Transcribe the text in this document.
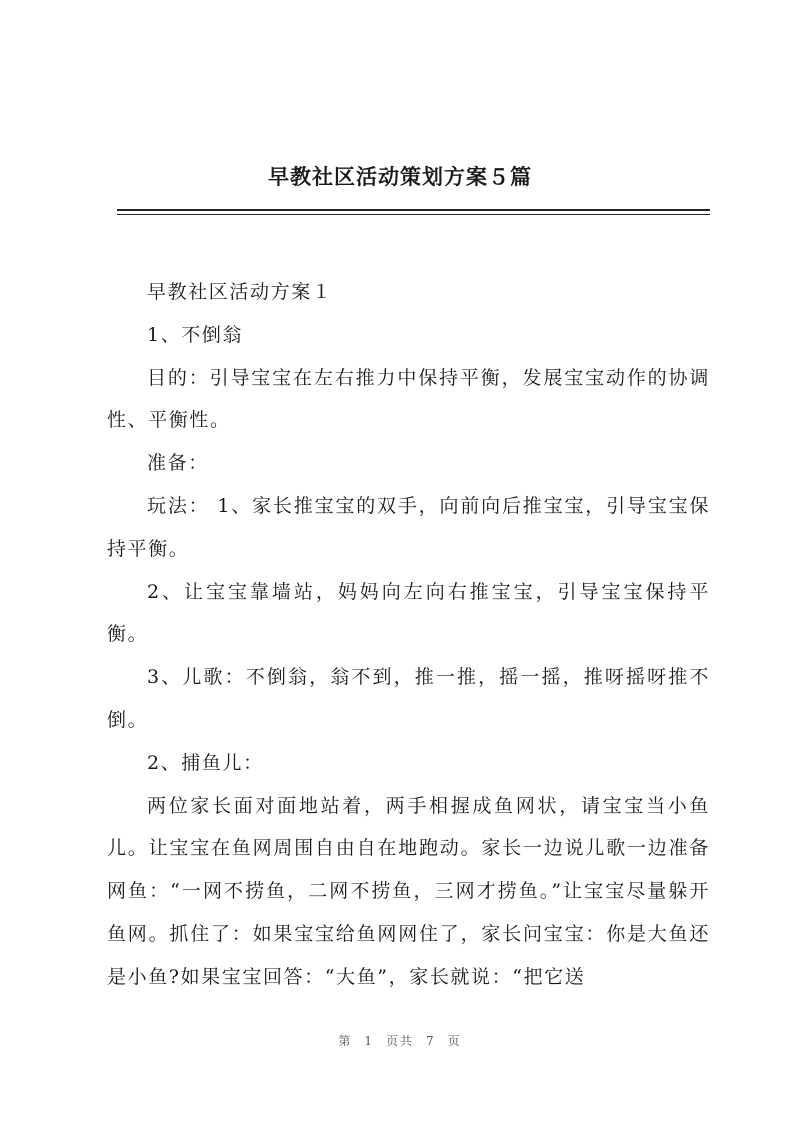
早教社区活动策划方案５篇

早教社区活动方案１

1、不倒翁

目的：引导宝宝在左右推力中保持平衡，发展宝宝动作的协调性、平衡性。

准备：

玩法： 1、家长推宝宝的双手，向前向后推宝宝，引导宝宝保持平衡。

2、让宝宝靠墙站，妈妈向左向右推宝宝，引导宝宝保持平衡。

3、儿歌：不倒翁，翁不到，推一推，摇一摇，推呀摇呀推不倒。

2、捕鱼儿：

两位家长面对面地站着，两手相握成鱼网状，请宝宝当小鱼儿。让宝宝在鱼网周围自由自在地跑动。家长一边说儿歌一边准备网鱼：“一网不捞鱼，二网不捞鱼，三网才捞鱼。”让宝宝尽量躲开鱼网。抓住了：如果宝宝给鱼网网住了，家长问宝宝：你是大鱼还是小鱼?如果宝宝回答：“大鱼”，家长就说：“把它送

第 1 页共 7 页
